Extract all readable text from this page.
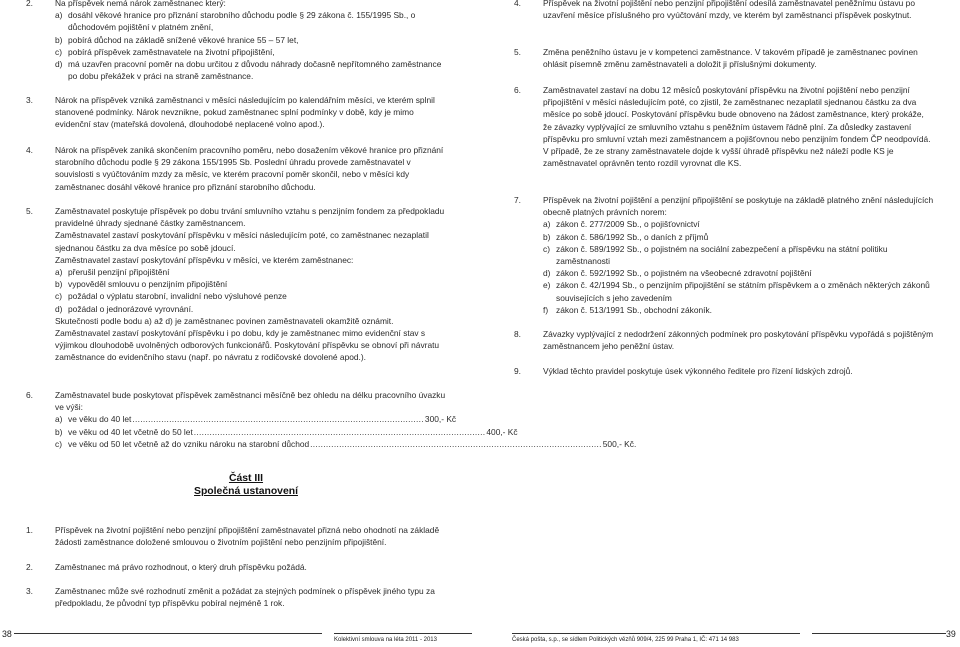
2.	Na příspěvek nemá nárok zaměstnanec který:

a) dosáhl věkové hranice pro přiznání starobního důchodu podle § 29 zákona č. 155/1995 Sb., o důchodovém pojištění v platném znění,
b) pobírá důchod na základě snížené věkové hranice 55 – 57 let,
c) pobírá příspěvek zaměstnavatele na životní připojištění,
d) má uzavřen pracovní poměr na dobu určitou z důvodu náhrady dočasně nepřítomného zaměstnance po dobu překážek v práci na straně zaměstnance.
3.	Nárok na příspěvek vzniká zaměstnanci v měsíci následujícím po kalendářním měsíci, ve kterém splnil stanovené podmínky. Nárok nevznikne, pokud zaměstnanec splní podmínky v době, kdy je mimo evidenční stav (mateřská dovolená, dlouhodobé neplacené volno apod.).

4.	Nárok na příspěvek zaniká skončením pracovního poměru, nebo dosažením věkové hranice pro přiznání starobního důchodu podle § 29 zákona 155/1995 Sb. Poslední úhradu provede zaměstnavatel v souvislosti s vyúčtováním mzdy za měsíc, ve kterém pracovní poměr skončil, nebo v měsíci kdy zaměstnanec dosáhl věkové hranice pro přiznání starobního důchodu.

5.	Zaměstnavatel poskytuje příspěvek po dobu trvání smluvního vztahu s penzijním fondem za předpokladu pravidelné úhrady sjednané částky zaměstnancem.

Zaměstnavatel zastaví poskytování příspěvku v měsíci následujícím poté, co zaměstnanec nezaplatil sjednanou částku za dva měsíce po sobě jdoucí.

Zaměstnavatel zastaví poskytování příspěvku v měsíci, ve kterém zaměstnanec:

a) přerušil penzijní připojištění
b) vypověděl smlouvu o penzijním připojištění
c) požádal o výplatu starobní, invalidní nebo výsluhové penze
d) požádal o jednorázové vyrovnání.

Skutečnosti podle bodu a) až d) je zaměstnanec povinen zaměstnavateli okamžitě oznámit.

Zaměstnavatel zastaví poskytování příspěvku i po dobu, kdy je zaměstnanec mimo evidenční stav s výjimkou dlouhodobě uvolněných odborových funkcionářů. Poskytování příspěvku se obnoví při návratu zaměstnance do evidenčního stavu (např. po návratu z rodičovské dovolené apod.).

6.	Zaměstnavatel bude poskytovat příspěvek zaměstnanci měsíčně bez ohledu na délku pracovního úvazku ve výši:

a) ve věku do 40 let ............................................................................................................... 300,- Kč
b) ve věku od 40 let včetně do 50 let ............................................................................................................... 400,- Kč
c) ve věku od 50 let včetně až do vzniku nároku na starobní důchod ............................................................................................................... 500,- Kč.
Část III
Společná ustanovení
1.	Příspěvek na životní pojištění nebo penzijní připojištění zaměstnavatel přizná nebo ohodnotí na základě žádosti zaměstnance doložené smlouvou o životním pojištění nebo penzijním připojištění.

2.	Zaměstnanec má právo rozhodnout, o který druh příspěvku požádá.

3.	Zaměstnanec může své rozhodnutí změnit a požádat za stejných podmínek o příspěvek jiného typu za předpokladu, že původní typ příspěvku pobíral nejméně 1 rok.

4.	Příspěvek na životní pojištění nebo penzijní připojištění odesílá zaměstnavatel peněžnímu ústavu po uzavření měsíce příslušného pro vyúčtování mzdy, ve kterém byl zaměstnanci příspěvek poskytnut.

5.	Změna peněžního ústavu je v kompetenci zaměstnance. V takovém případě je zaměstnanec povinen ohlásit písemně změnu zaměstnavateli a doložit ji příslušnými dokumenty.

6.	Zaměstnavatel zastaví na dobu 12 měsíců poskytování příspěvku na životní pojištění nebo penzijní připojištění v měsíci následujícím poté, co zjistil, že zaměstnanec nezaplatil sjednanou částku za dva měsíce po sobě jdoucí. Poskytování příspěvku bude obnoveno na žádost zaměstnance, který prokáže, že závazky vyplývající ze smluvního vztahu s peněžním ústavem řádně plní. Za důsledky zastavení příspěvku pro smluvní vztah mezi zaměstnancem a pojišťovnou nebo penzijním fondem ČP neodpovídá.

V případě, že ze strany zaměstnavatele dojde k vyšší úhradě příspěvku než náleží podle KS je zaměstnavatel oprávněn tento rozdíl vyrovnat dle KS.

7.	Příspěvek na životní pojištění a penzijní připojištění se poskytuje na základě platného znění následujících obecně platných právních norem:

a) zákon č. 277/2009 Sb., o pojišťovnictví
b) zákon č. 586/1992 Sb., o daních z příjmů
c) zákon č. 589/1992 Sb., o pojistném na sociální zabezpečení a příspěvku na státní politiku zaměstnanosti
d) zákon č. 592/1992 Sb., o pojistném na všeobecné zdravotní pojištění
e) zákon č. 42/1994 Sb., o penzijním připojištění se státním příspěvkem a o změnách některých zákonů souvisejících s jeho zavedením
f) zákon č. 513/1991 Sb., obchodní zákoník.
8.	Závazky vyplývající z nedodržení zákonných podmínek pro poskytování příspěvku vypořádá s pojištěným zaměstnancem jeho peněžní ústav.

9.	Výklad těchto pravidel poskytuje úsek výkonného ředitele pro řízení lidských zdrojů.

38
Kolektivní smlouva na léta 2011 - 2013	Česká pošta, s.p., se sídlem Politických vězňů 909/4, 225 99 Praha 1, IČ: 471 14 983
39
